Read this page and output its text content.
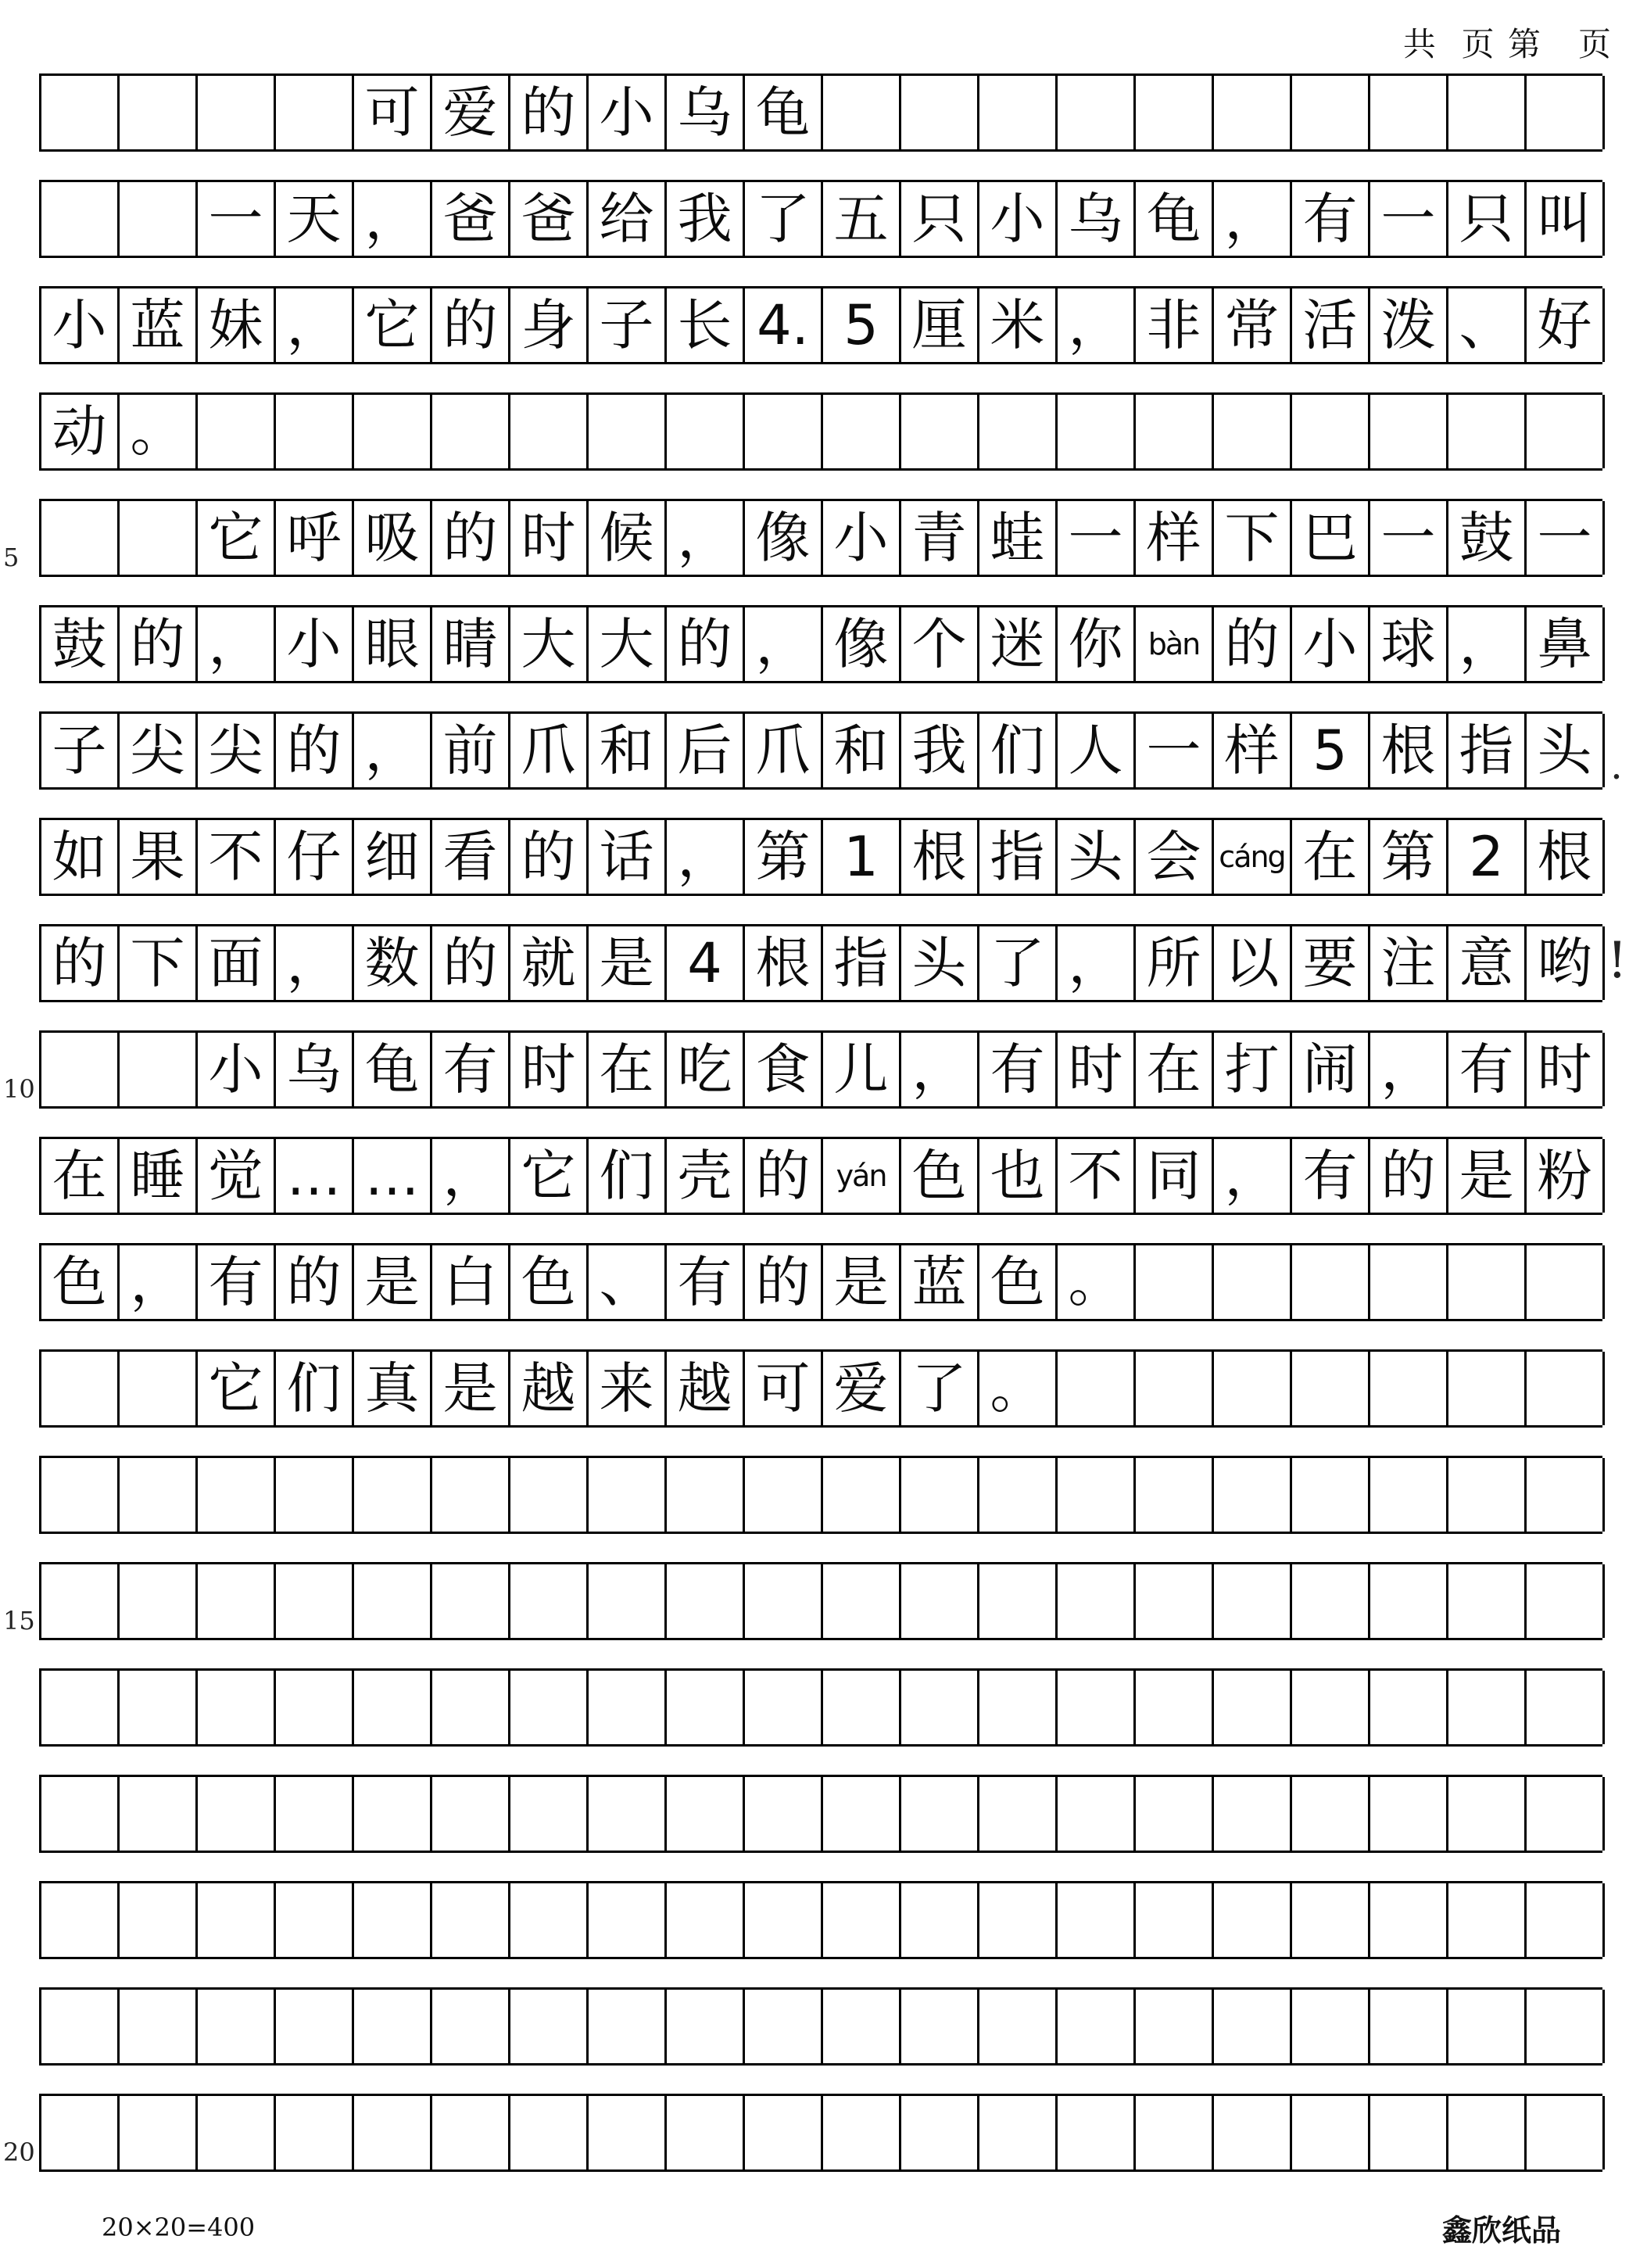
共  页 第   页
可 爱 的 小 乌 龟
一 天 ， 爸 爸 给 我 了 五 只 小 乌 龟 ， 有 一 只 叫
小 蓝 妹 ， 它 的 身 子 长 4. 5 厘 米 ， 非 常 活 泼 、 好
动 。
它 呼 吸 的 时 候 ， 像 小 青 蛙 一 样 下 巴 一 鼓 一
鼓 的 ， 小 眼 睛 大 大 的 ， 像 个 迷 你 bàn 的 小 球 ， 鼻
子 尖 尖 的 ， 前 爪 和 后 爪 和 我 们 人 一 样 5 根 指 头
如 果 不 仔 细 看 的 话 ， 第 1 根 指 头 会 cáng 在 第 2 根
的 下 面 ， 数 的 就 是 4 根 指 头 了 ， 所 以 要 注 意 哟
小 乌 龟 有 时 在 吃 食 儿 ， 有 时 在 打 闹 ， 有 时
在 睡 觉 … … ， 它 们 壳 的 yán 色 也 不 同 ， 有 的 是 粉
色 ， 有 的 是 白 色 、 有 的 是 蓝 色 。
它 们 真 是 越 来 越 可 爱 了 。
20×20=400	鑫欣纸品
5
10
15
20
!
.
